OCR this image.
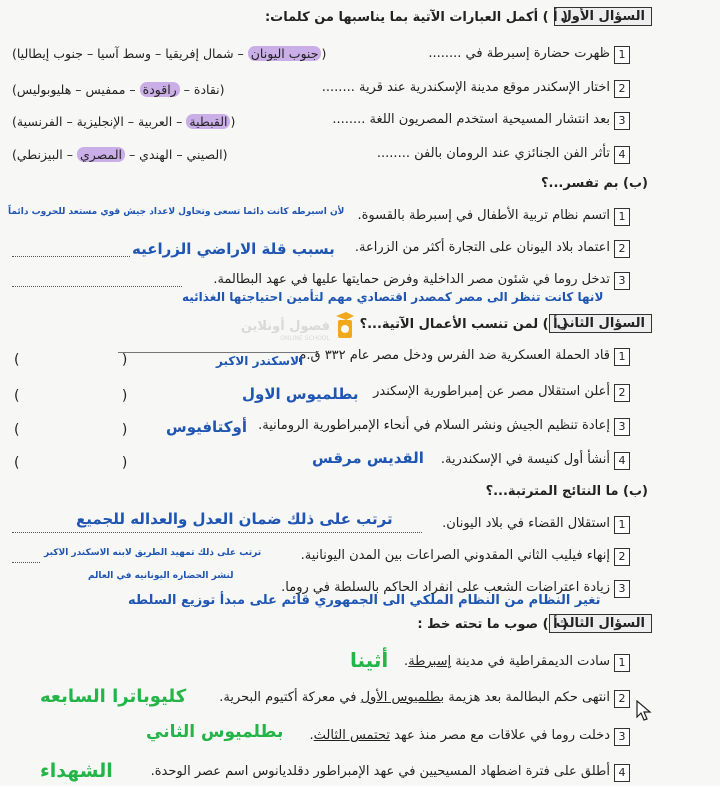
السؤال الأول
( أ ) أكمل العبارات الآتية بما يناسبها من كلمات:
1
ظهرت حضارة إسبرطة في ........
(جنوب اليونان – شمال إفريقيا – وسط آسيا – جنوب إيطاليا)
2
اختار الإسكندر موقع مدينة الإسكندرية عند قرية ........
(نقادة – راقودة – ممفيس – هليوبوليس)
3
بعد انتشار المسيحية استخدم المصريون اللغة ........
(القبطية – العربية – الإنجليزية – الفرنسية)
4
تأثر الفن الجنائزي عند الرومان بالفن ........
(الصيني – الهندي – المصري – البيزنطي)
(ب) بم تفسر...؟
1
اتسم نظام تربية الأطفال في إسبرطة بالقسوة.
لأن اسبرطه كانت دائما تسعى وتحاول لاعداد جيش قوي مستعد للحروب دائماً
2
اعتماد بلاد اليونان على التجارة أكثر من الزراعة.
بسبب قلة الاراضي الزراعيه
3
تدخل روما في شئون مصر الداخلية وفرض حمايتها عليها في عهد البطالمة.
لانها كانت تنظر الى مصر كمصدر اقتصادي مهم لتأمين احتياجتها الغذائيه
فصول أونلاين
ONLINE SCHOOL
السؤال الثاني
( أ ) لمن تنسب الأعمال الآتية...؟
1
قاد الحملة العسكرية ضد الفرس ودخل مصر عام ٣٣٢ ق.م.
الاسكندر الاكبر
(                       )
2
أعلن استقلال مصر عن إمبراطورية الإسكندر
بطلميوس الاول
(                       )
3
إعادة تنظيم الجيش ونشر السلام في أنحاء الإمبراطورية الرومانية.
أوكتافيوس
(                       )
4
أنشأ أول كنيسة في الإسكندرية.
القديس مرقس
(                       )
(ب) ما النتائج المترتبة...؟
1
استقلال القضاء في بلاد اليونان.
ترتب على ذلك ضمان العدل والعداله للجميع
2
إنهاء فيليب الثاني المقدوني الصراعات بين المدن اليونانية.
ترتب على ذلك تمهيد الطريق لابنه الاسكندر الاكبر
لنشر الحضاره اليونانيه في العالم
3
زيادة اعتراضات الشعب على انفراد الحاكم بالسلطة في روما.
تغير النظام من النظام الملكي الى الجمهوري قائم على مبدأ توزيع السلطه
السؤال الثالث
( أ ) صوب ما تحته خط :
1
سادت الديمقراطية في مدينة إسبرطة.
أثينا
2
انتهى حكم البطالمة بعد هزيمة بطلميوس الأول في معركة أكتيوم البحرية.
كليوباترا السابعه
3
دخلت روما في علاقات مع مصر منذ عهد تحتمس الثالث.
بطلميوس الثاني
4
أطلق على فترة اضطهاد المسيحيين في عهد الإمبراطور دقلديانوس اسم عصر الوحدة.
الشهداء
